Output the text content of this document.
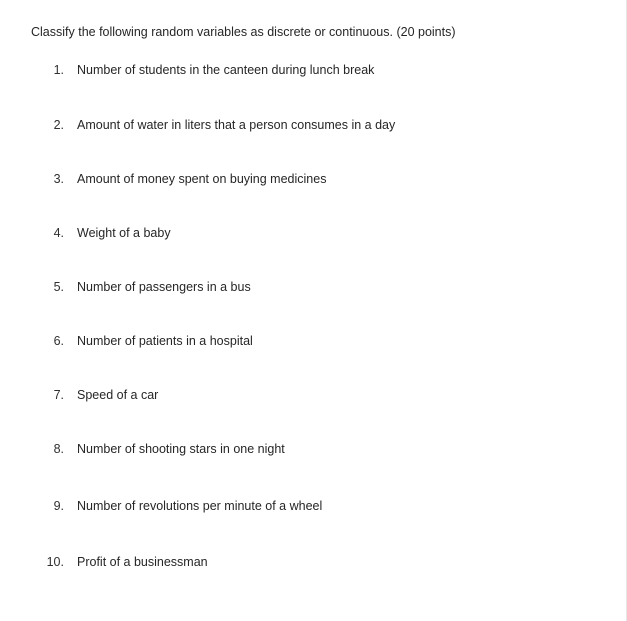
Classify the following random variables as discrete or continuous. (20 points)
1. Number of students in the canteen during lunch break
2. Amount of water in liters that a person consumes in a day
3. Amount of money spent on buying medicines
4. Weight of a baby
5. Number of passengers in a bus
6. Number of patients in a hospital
7. Speed of a car
8. Number of shooting stars in one night
9. Number of revolutions per minute of a wheel
10. Profit of a businessman
